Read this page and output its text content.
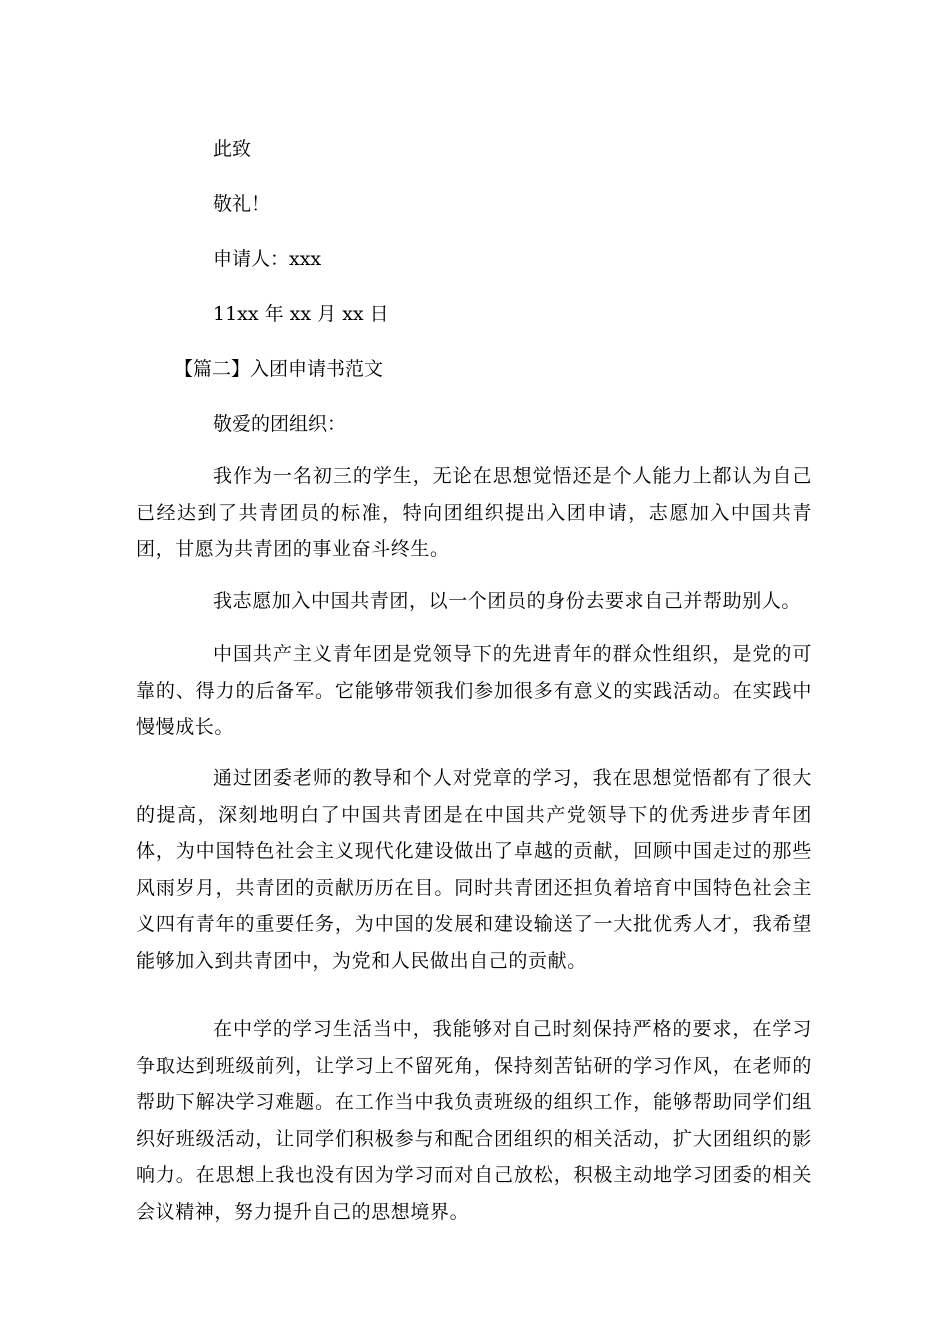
此致
敬礼！
申请人：xxx
11xx 年 xx 月 xx 日
【篇二】入团申请书范文
敬爱的团组织：
我作为一名初三的学生，无论在思想觉悟还是个人能力上都认为自己已经达到了共青团员的标准，特向团组织提出入团申请，志愿加入中国共青团，甘愿为共青团的事业奋斗终生。
我志愿加入中国共青团，以一个团员的身份去要求自己并帮助别人。
中国共产主义青年团是党领导下的先进青年的群众性组织，是党的可靠的、得力的后备军。它能够带领我们参加很多有意义的实践活动。在实践中慢慢成长。
通过团委老师的教导和个人对党章的学习，我在思想觉悟都有了很大的提高，深刻地明白了中国共青团是在中国共产党领导下的优秀进步青年团体，为中国特色社会主义现代化建设做出了卓越的贡献，回顾中国走过的那些风雨岁月，共青团的贡献历历在目。同时共青团还担负着培育中国特色社会主义四有青年的重要任务，为中国的发展和建设输送了一大批优秀人才，我希望能够加入到共青团中，为党和人民做出自己的贡献。
在中学的学习生活当中，我能够对自己时刻保持严格的要求，在学习争取达到班级前列，让学习上不留死角，保持刻苦钻研的学习作风，在老师的帮助下解决学习难题。在工作当中我负责班级的组织工作，能够帮助同学们组织好班级活动，让同学们积极参与和配合团组织的相关活动，扩大团组织的影响力。在思想上我也没有因为学习而对自己放松，积极主动地学习团委的相关会议精神，努力提升自己的思想境界。
